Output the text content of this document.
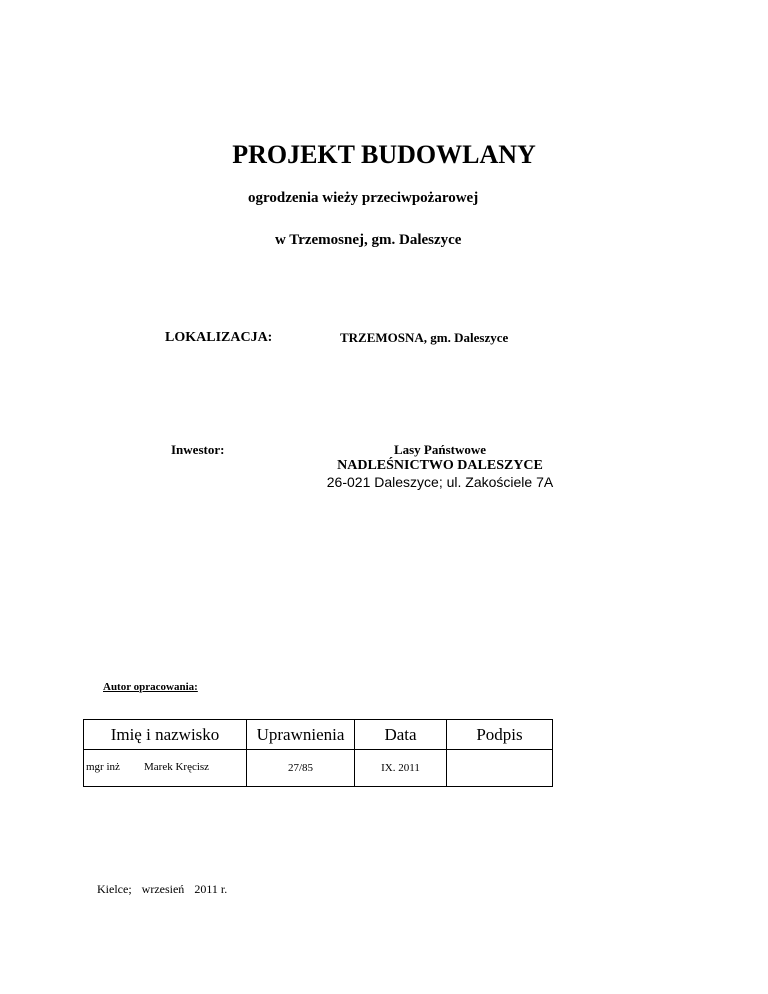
PROJEKT BUDOWLANY
ogrodzenia wieży przeciwpożarowej
w Trzemosnej, gm. Daleszyce
LOKALIZACJA:	TRZEMOSNA, gm. Daleszyce
Inwestor:	Lasy Państwowe
NADLEŚNICTWO DALESZYCE
26-021 Daleszyce; ul. Zakościele 7A
Autor opracowania:
Imię i nazwisko	Uprawnienia	Data	Podpis

mgr inż Marek Kręcisz	27/85	IX. 2011	
Kielce; wrzesień 2011 r.
